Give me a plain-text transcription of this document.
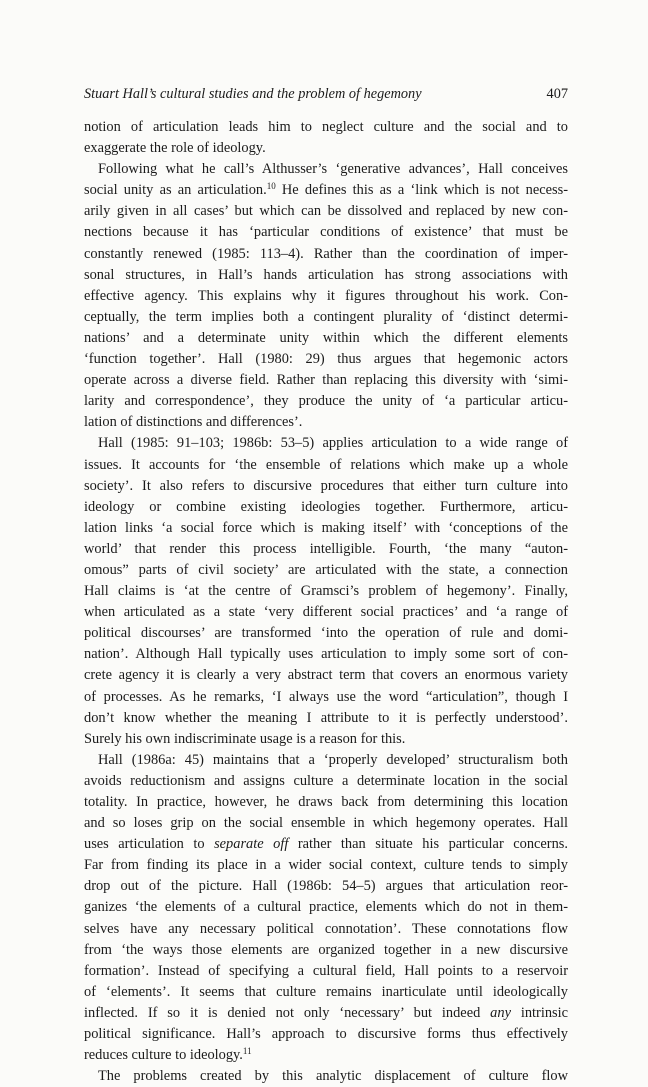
Stuart Hall’s cultural studies and the problem of hegemony	407
notion of articulation leads him to neglect culture and the social and to
exaggerate the role of ideology.
Following what he call’s Althusser’s ‘generative advances’, Hall conceives
social unity as an articulation.$^{10}$ He defines this as a ‘link which is not necess-
arily given in all cases’ but which can be dissolved and replaced by new con-
nections because it has ‘particular conditions of existence’ that must be
constantly renewed (1985: 113–4). Rather than the coordination of imper-
sonal structures, in Hall’s hands articulation has strong associations with
effective agency. This explains why it figures throughout his work. Con-
ceptually, the term implies both a contingent plurality of ‘distinct determi-
nations’ and a determinate unity within which the different elements
‘function together’. Hall (1980: 29) thus argues that hegemonic actors
operate across a diverse field. Rather than replacing this diversity with ‘simi-
larity and correspondence’, they produce the unity of ‘a particular articu-
lation of distinctions and differences’.
Hall (1985: 91–103; 1986b: 53–5) applies articulation to a wide range of
issues. It accounts for ‘the ensemble of relations which make up a whole
society’. It also refers to discursive procedures that either turn culture into
ideology or combine existing ideologies together. Furthermore, articu-
lation links ‘a social force which is making itself’ with ‘conceptions of the
world’ that render this process intelligible. Fourth, ‘the many “auton-
omous” parts of civil society’ are articulated with the state, a connection
Hall claims is ‘at the centre of Gramsci’s problem of hegemony’. Finally,
when articulated as a state ‘very different social practices’ and ‘a range of
political discourses’ are transformed ‘into the operation of rule and domi-
nation’. Although Hall typically uses articulation to imply some sort of con-
crete agency it is clearly a very abstract term that covers an enormous variety
of processes. As he remarks, ‘I always use the word “articulation”, though I
don’t know whether the meaning I attribute to it is perfectly understood’.
Surely his own indiscriminate usage is a reason for this.
Hall (1986a: 45) maintains that a ‘properly developed’ structuralism both
avoids reductionism and assigns culture a determinate location in the social
totality. In practice, however, he draws back from determining this location
and so loses grip on the social ensemble in which hegemony operates. Hall
uses articulation to separate off rather than situate his particular concerns.
Far from finding its place in a wider social context, culture tends to simply
drop out of the picture. Hall (1986b: 54–5) argues that articulation reor-
ganizes ‘the elements of a cultural practice, elements which do not in them-
selves have any necessary political connotation’. These connotations flow
from ‘the ways those elements are organized together in a new discursive
formation’. Instead of specifying a cultural field, Hall points to a reservoir
of ‘elements’. It seems that culture remains inarticulate until ideologically
inflected. If so it is denied not only ‘necessary’ but indeed any intrinsic
political significance. Hall’s approach to discursive forms thus effectively
reduces culture to ideology.$^{11}$
The problems created by this analytic displacement of culture flow
